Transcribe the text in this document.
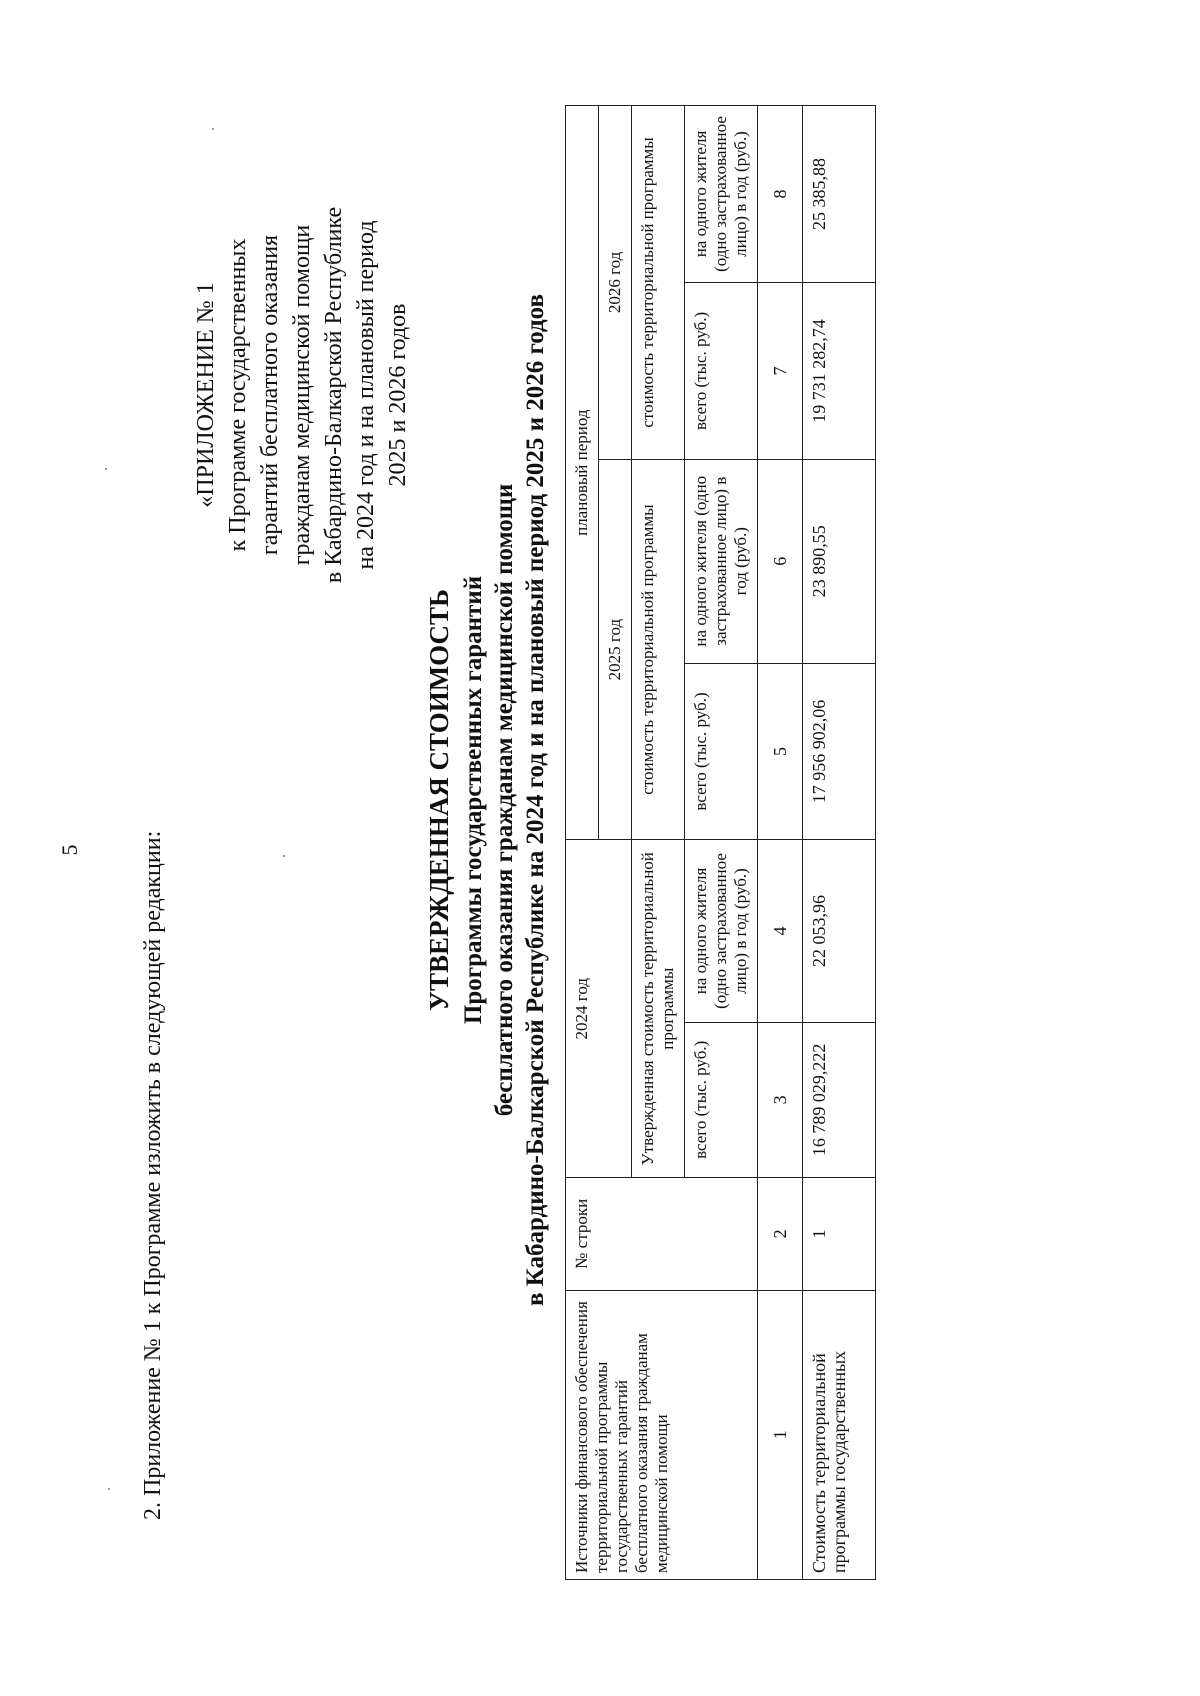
5 2. Приложение № 1 к Программе изложить в следующей редакции:
«ПРИЛОЖЕНИЕ № 1 к Программе государственных гарантий бесплатного оказания гражданам медицинской помощи в Кабардино-Балкарской Республике на 2024 год и на плановый период 2025 и 2026 годов
УТВЕРЖДЕННАЯ СТОИМОСТЬ Программы государственных гарантий бесплатного оказания гражданам медицинской помощи в Кабардино-Балкарской Республике на 2024 год и на плановый период 2025 и 2026 годов
Источники финансового обеспечения территориальной программы государственных гарантий бесплатного оказания гражданам медицинской помощи	№ строки	2024 год		плановый период			
				2025 год		2026 год	
		Утвержденная стоимость территориальной программы		стоимость территориальной программы		стоимость территориальной программы	
		всего (тыс. руб.)	на одного жителя (одно застрахованное лицо) в год (руб.)	всего (тыс. руб.)	на одного жителя (одно застрахованное лицо) в год (руб.)	всего (тыс. руб.)	на одного жителя (одно застрахованное лицо) в год (руб.)
1	2	3	4	5	6	7	8
Стоимость территориальной программы государственных	1	16 789 029,222	22 053,96	17 956 902,06	23 890,55	19 731 282,74	25 385,88
